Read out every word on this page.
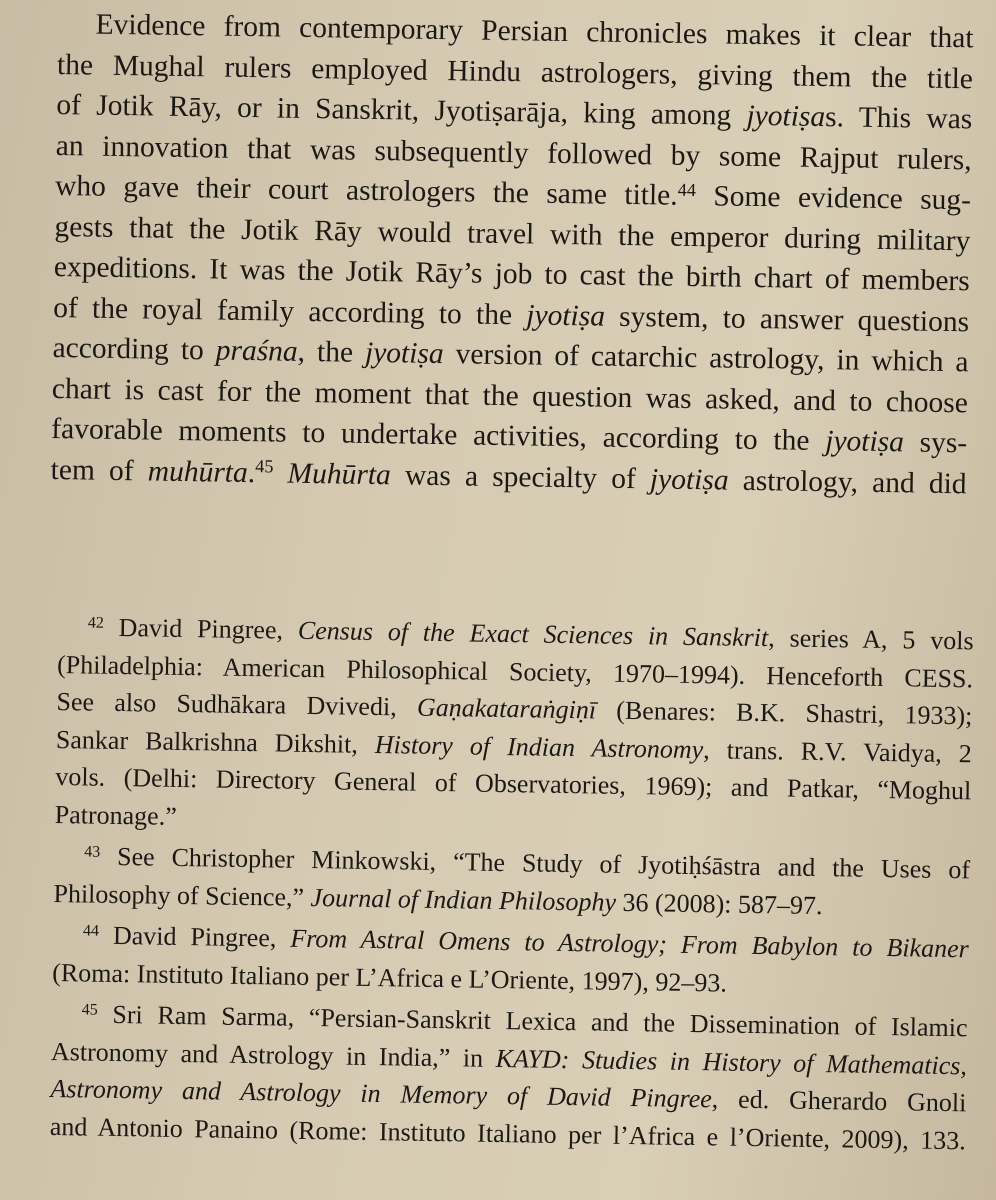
Evidence from contemporary Persian chronicles makes it clear that
the Mughal rulers employed Hindu astrologers, giving them the title
of Jotik Rāy, or in Sanskrit, Jyotiṣarāja, king among jyotiṣas. This was
an innovation that was subsequently followed by some Rajput rulers,
who gave their court astrologers the same title.$^{44}$ Some evidence sug-
gests that the Jotik Rāy would travel with the emperor during military
expeditions. It was the Jotik Rāy’s job to cast the birth chart of members
of the royal family according to the jyotiṣa system, to answer questions
according to praśna, the jyotiṣa version of catarchic astrology, in which a
chart is cast for the moment that the question was asked, and to choose
favorable moments to undertake activities, according to the jyotiṣa sys-
tem of muhūrta.$^{45}$ Muhūrta was a specialty of jyotiṣa astrology, and did
$^{42}$ David Pingree, Census of the Exact Sciences in Sanskrit, series A, 5 vols
(Philadelphia: American Philosophical Society, 1970–1994). Henceforth CESS.
See also Sudhākara Dvivedi, Gaṇakataraṅgiṇī (Benares: B.K. Shastri, 1933);
Sankar Balkrishna Dikshit, History of Indian Astronomy, trans. R.V. Vaidya, 2
vols. (Delhi: Directory General of Observatories, 1969); and Patkar, “Moghul
Patronage.”
$^{43}$ See Christopher Minkowski, “The Study of Jyotiḥśāstra and the Uses of
Philosophy of Science,” Journal of Indian Philosophy 36 (2008): 587–97.
$^{44}$ David Pingree, From Astral Omens to Astrology; From Babylon to Bikaner
(Roma: Instituto Italiano per L’Africa e L’Oriente, 1997), 92–93.
$^{45}$ Sri Ram Sarma, “Persian-Sanskrit Lexica and the Dissemination of Islamic
Astronomy and Astrology in India,” in KAYD: Studies in History of Mathematics,
Astronomy and Astrology in Memory of David Pingree, ed. Gherardo Gnoli
and Antonio Panaino (Rome: Instituto Italiano per l’Africa e l’Oriente, 2009), 133.
